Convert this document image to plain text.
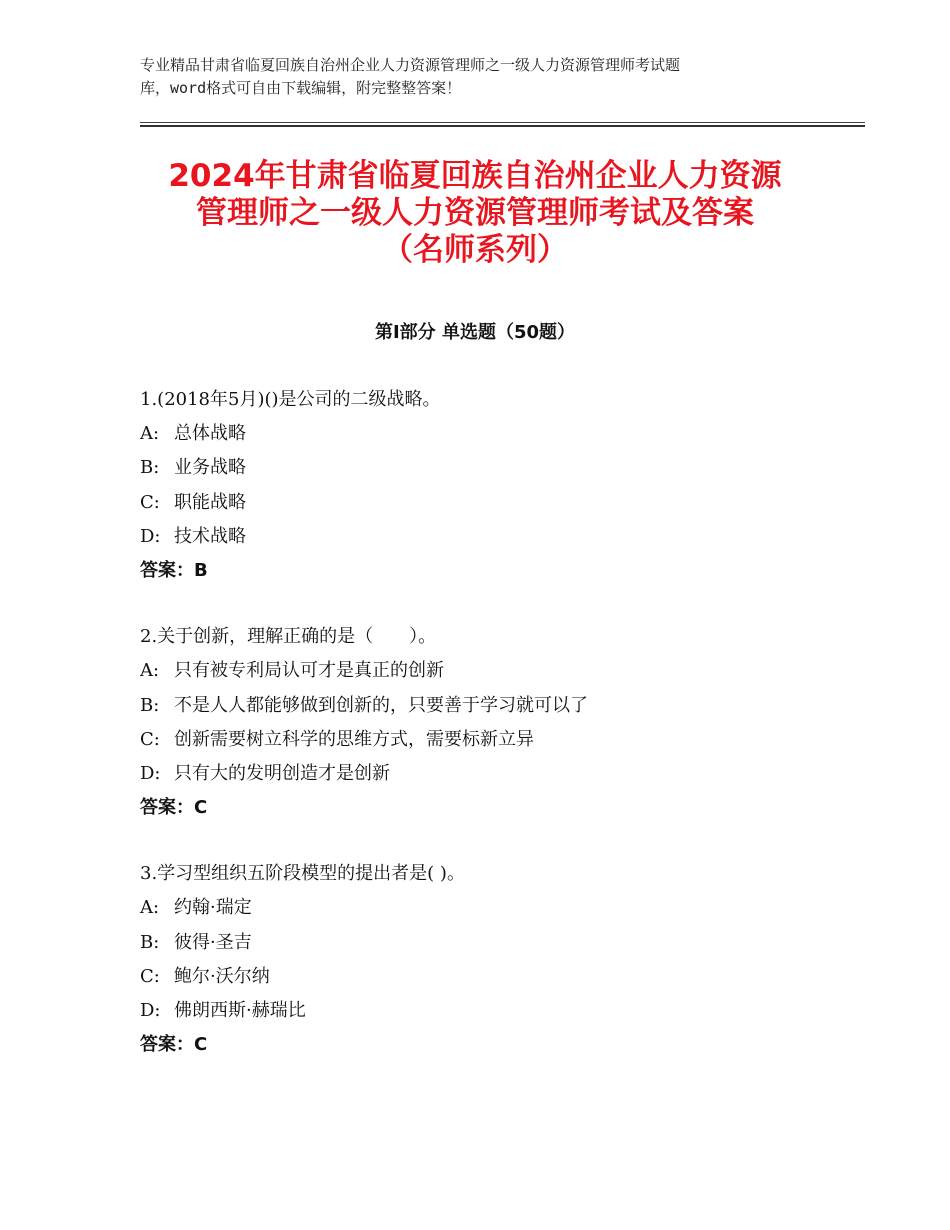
专业精品甘肃省临夏回族自治州企业人力资源管理师之一级人力资源管理师考试题
库，word格式可自由下载编辑，附完整整答案！
2024年甘肃省临夏回族自治州企业人力资源
管理师之一级人力资源管理师考试及答案
（名师系列）
第Ⅰ部分 单选题（50题）
1.(2018年5月)()是公司的二级战略。
A: 总体战略
B: 业务战略
C: 职能战略
D: 技术战略
答案：B
2.关于创新，理解正确的是（　　）。
A: 只有被专利局认可才是真正的创新
B: 不是人人都能够做到创新的，只要善于学习就可以了
C: 创新需要树立科学的思维方式，需要标新立异
D: 只有大的发明创造才是创新
答案：C
3.学习型组织五阶段模型的提出者是( )。
A: 约翰·瑞定
B: 彼得·圣吉
C: 鲍尔·沃尔纳
D: 佛朗西斯·赫瑞比
答案：C
